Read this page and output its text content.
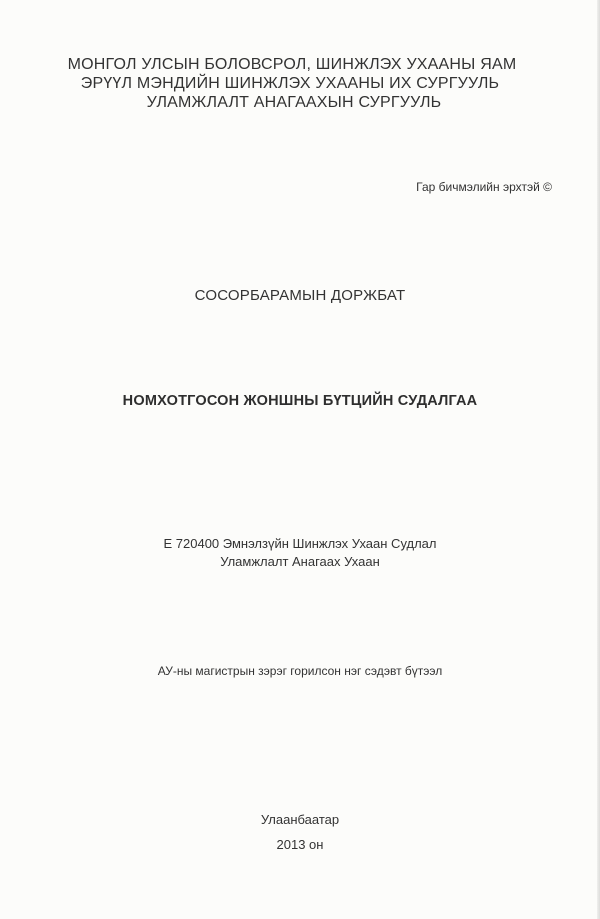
МОНГОЛ УЛСЫН БОЛОВСРОЛ, ШИНЖЛЭХ УХААНЫ ЯАМ
ЭРҮҮЛ МЭНДИЙН ШИНЖЛЭХ УХААНЫ ИХ СУРГУУЛЬ
УЛАМЖЛАЛТ АНАГААХЫН СУРГУУЛЬ
Гар бичмэлийн эрхтэй ©
СОСОРБАРАМЫН ДОРЖБАТ
НОМХОТГОСОН ЖОНШНЫ БҮТЦИЙН СУДАЛГАА
Е 720400 Эмнэлзүйн Шинжлэх Ухаан Судлал
Уламжлалт Анагаах Ухаан
АУ-ны магистрын зэрэг горилсон нэг сэдэвт бүтээл
Улаанбаатар
2013 он
